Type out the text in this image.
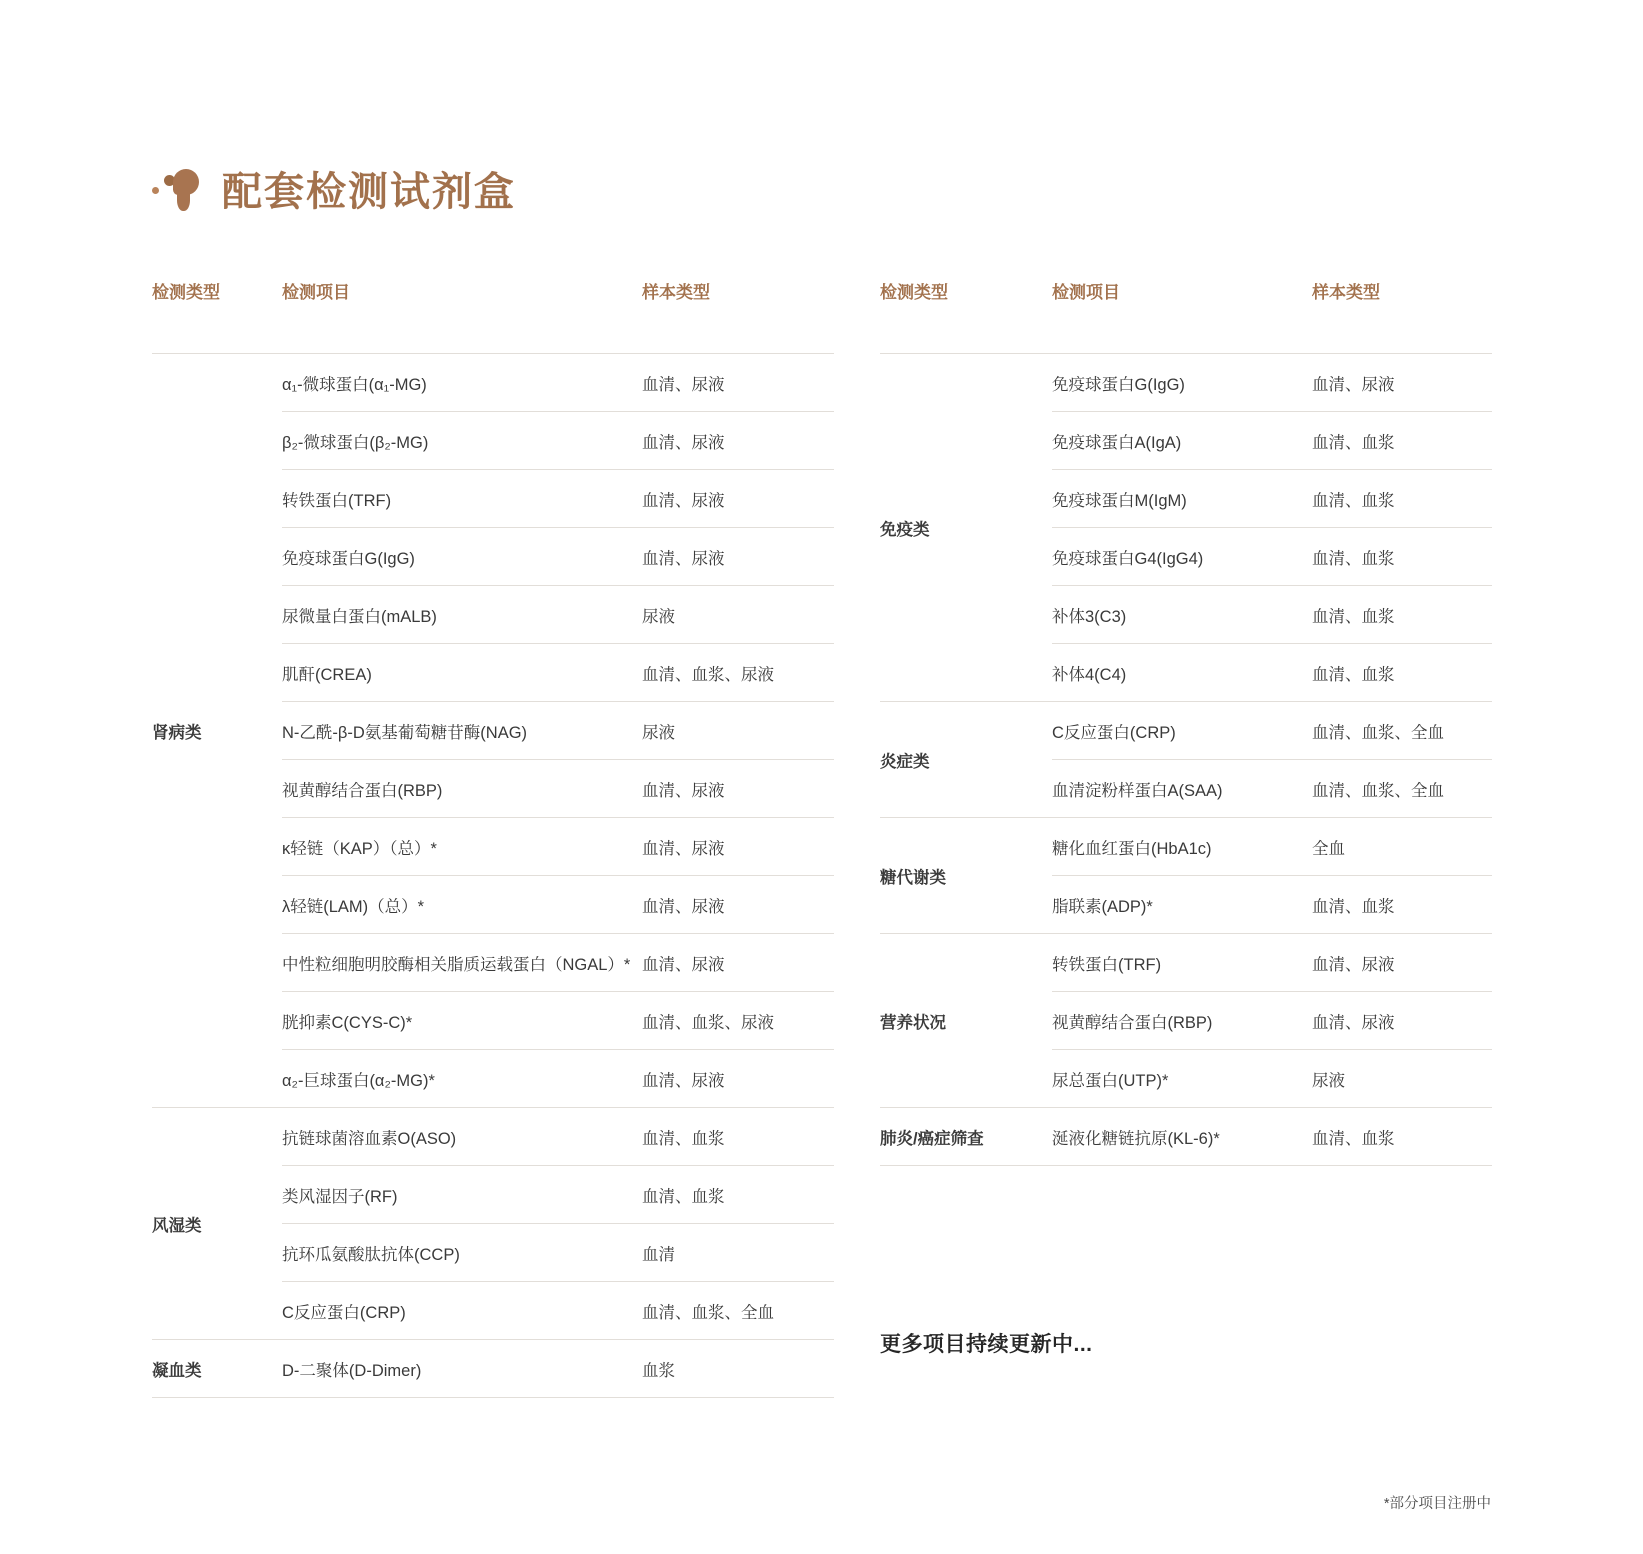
配套检测试剂盒
检测类型	检测项目	样本类型

肾病类	α₁-微球蛋白(α₁-MG)	血清、尿液
	β₂-微球蛋白(β₂-MG)	血清、尿液
	转铁蛋白(TRF)	血清、尿液
	免疫球蛋白G(IgG)	血清、尿液
	尿微量白蛋白(mALB)	尿液
	肌酐(CREA)	血清、血浆、尿液
	N-乙酰-β-D氨基葡萄糖苷酶(NAG)	尿液
	视黄醇结合蛋白(RBP)	血清、尿液
	κ轻链（KAP）（总）*	血清、尿液
	λ轻链(LAM)（总）*	血清、尿液
	中性粒细胞明胶酶相关脂质运载蛋白（NGAL）*	血清、尿液
	胱抑素C(CYS-C)*	血清、血浆、尿液
	α₂-巨球蛋白(α₂-MG)*	血清、尿液
风湿类	抗链球菌溶血素O(ASO)	血清、血浆
	类风湿因子(RF)	血清、血浆
	抗环瓜氨酸肽抗体(CCP)	血清
	C反应蛋白(CRP)	血清、血浆、全血
凝血类	D-二聚体(D-Dimer)	血浆
检测类型	检测项目	样本类型

免疫类	免疫球蛋白G(IgG)	血清、尿液
	免疫球蛋白A(IgA)	血清、血浆
	免疫球蛋白M(IgM)	血清、血浆
	免疫球蛋白G4(IgG4)	血清、血浆
	补体3(C3)	血清、血浆
	补体4(C4)	血清、血浆
炎症类	C反应蛋白(CRP)	血清、血浆、全血
	血清淀粉样蛋白A(SAA)	血清、血浆、全血
糖代谢类	糖化血红蛋白(HbA1c)	全血
	脂联素(ADP)*	血清、血浆
营养状况	转铁蛋白(TRF)	血清、尿液
	视黄醇结合蛋白(RBP)	血清、尿液
	尿总蛋白(UTP)*	尿液
肺炎/癌症筛查	涎液化糖链抗原(KL-6)*	血清、血浆
更多项目持续更新中...
*部分项目注册中
